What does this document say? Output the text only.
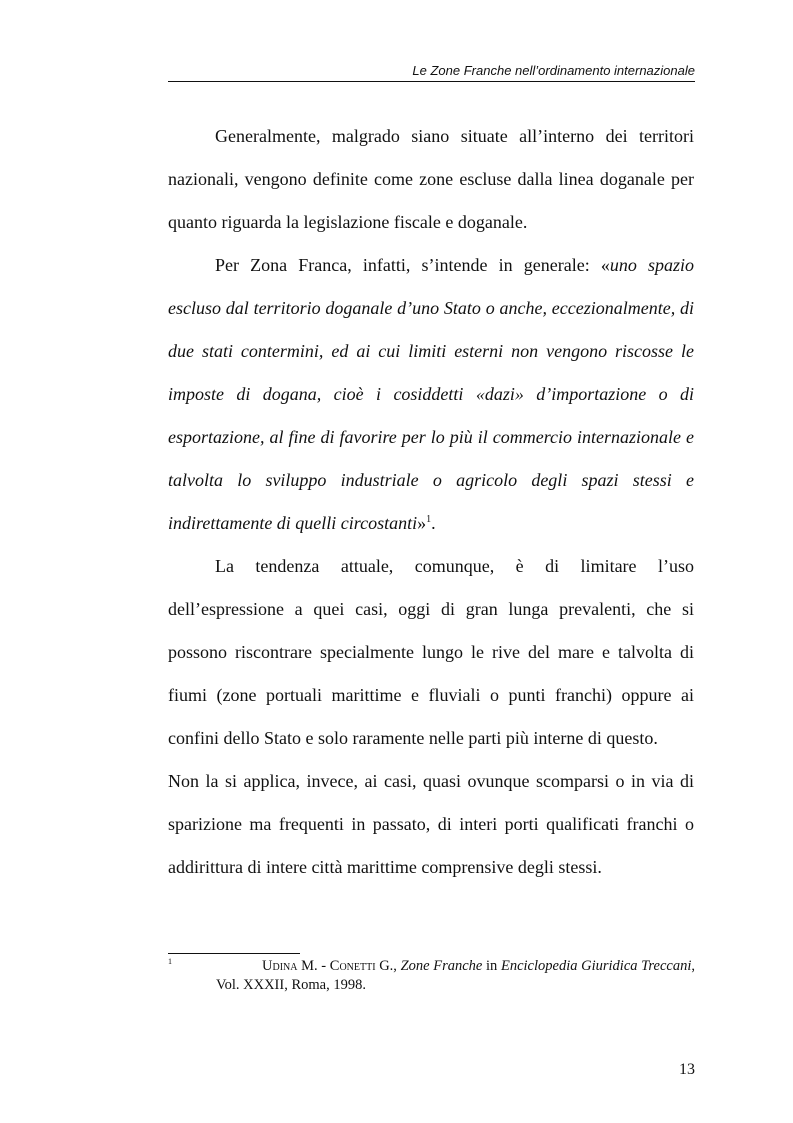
Le Zone Franche nell’ordinamento internazionale

Generalmente, malgrado siano situate all’interno dei territori nazionali, vengono definite come zone escluse dalla linea doganale per quanto riguarda la legislazione fiscale e doganale.

Per Zona Franca, infatti, s’intende in generale: «uno spazio escluso dal territorio doganale d’uno Stato o anche, eccezionalmente, di due stati contermini, ed ai cui limiti esterni non vengono riscosse le imposte di dogana, cioè i cosiddetti «dazi» d’importazione o di esportazione, al fine di favorire per lo più il commercio internazionale e talvolta lo sviluppo industriale o agricolo degli spazi stessi e indirettamente di quelli circostanti»$^1$.

La tendenza attuale, comunque, è di limitare l’uso dell’espressione a quei casi, oggi di gran lunga prevalenti, che si possono riscontrare specialmente lungo le rive del mare e talvolta di fiumi (zone portuali marittime e fluviali o punti franchi) oppure ai confini dello Stato e solo raramente nelle parti più interne di questo.

Non la si applica, invece, ai casi, quasi ovunque scomparsi o in via di sparizione ma frequenti in passato, di interi porti qualificati franchi o addirittura di intere città marittime comprensive degli stessi.

1	Udina M. - Conetti G., Zone Franche in Enciclopedia Giuridica Treccani, Vol. XXXII, Roma, 1998.

13
